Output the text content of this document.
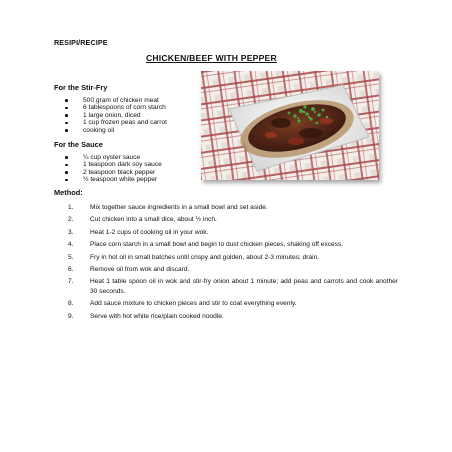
RESIPI/RECIPE
CHICKEN/BEEF WITH PEPPER
For the Stir-Fry
500 gram of chicken meat
6 tablespoons of corn starch
1 large onion, diced
1 cup frozen peas and carrot
cooking oil
For the Sauce
¼ cup oyster sauce
1 teaspoon dark soy sauce
2 teaspoon black pepper
½ teaspoon white pepper
Method:
1.	Mix together sauce ingredients in a small bowl and set aside.
2.	Cut chicken into a small dice, about ½ inch.
3.	Heat 1-2 cups of cooking oil in your wok.
4.	Place corn starch in a small bowl and begin to dust chicken pieces, shaking off excess.
5.	Fry in hot oil in small batches until crispy and golden, about 2-3 minutes; drain.
6.	Remove oil from wok and discard.
7.	Heat 1 table spoon oil in wok and stir-fry onion about 1 minute; add peas and carrots and cook another 30 seconds.
8.	Add sauce mixture to chicken pieces and stir to coat everything evenly.
9.	Serve with hot white rice/plain cooked noodle.
